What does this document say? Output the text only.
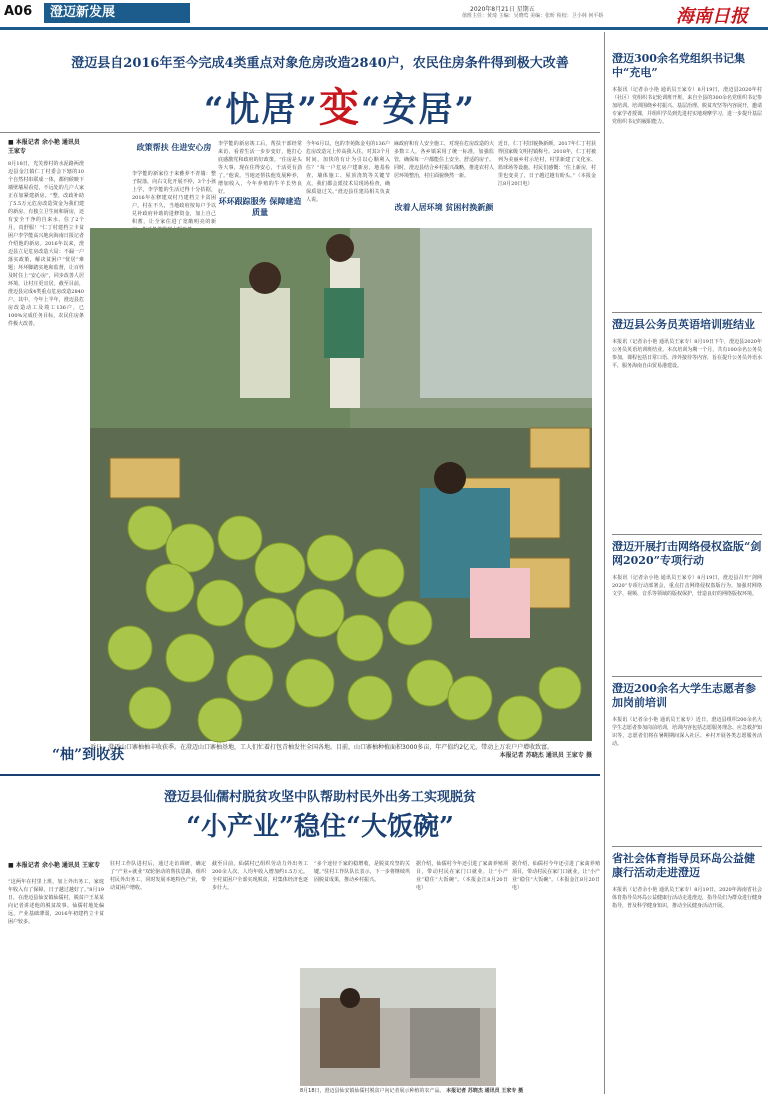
A06	澄迈新发展	2020年8月21日 星期五
值班主任：黄琦 主编：吴晓莺 美编：张昕 检校：卫小林 何平娇	海南日报
澄迈县自2016年至今完成4类重点对象危房改造2840户，农民住房条件得到极大改善
“忧居”变“安居”
■ 本报记者 余小艳 通讯员 王家专
8月18日，光芙蓉村的水泥路两澄迈县金江镇仁丁村委会下辖的10个自然村串联成一体，都伺候映下墙壁墙屋看觉，不远处的几户人家正在加紧建新房。“整，改政补助了5.5万元危房改造资金为我们建的新房，有独立卫生间和厨房，还有安全干净的自来水，住了2个月，真舒服！”仁丁村建档立卡贫困户李学能高兴地向海南日报记者介绍他的新房。2016年以来，澄迈县立足危房改造大局：不漏一户落实政策，解决贫困户“忧居”难题；坏坏脚踏实地和监督，让百姓及时住上“安心房”，同步改善人居环境，让村庄更宜居。截至目前，澄迈县完成4类重点危房改造2840户，其中，今年上半年，澄迈县危房改造动工及竣工136户，已100%完成任务目标，农民住房条件极大改善。
政策帮扶 住进安心房
李学能的新家位于来雅养不青墙：整子院落，向右文化开展不停，3个小孩上学，李学能的生活过得十分拮据，2016年在修建双村乃建档立卡贫困户。村在不久，当地政府按每户予以兑补政府补助的进修资金，加上自己积蓄，让全家住进了宽敞明亮的新
李学能的新房竣工后，帮扶干部经常来访，看着生活一步步变好，他打心底感激党和政府的好政策。“住房是头等大事，现在住得安心，干活更有劲了。”他说。当地还帮扶他发展种养，增加收入，今年养殖的牛羊长势良好。
环环跟踪服务 保障建造质量
今年6月以，包的李苑陈金屯的136户危房改造完上传高我入住。对其3个月时间，加快的有计为引以心顺利入住？“每一户危房户建新房，地基检查、墙体施工、屋顶浇筑等关键节点，我们都会派技术员现场检查，确保质量过关。”澄迈县住建局相关负责人说。
麻政府和有人安全施工，对现在危房改造的大多数工人，各乡镇采用了统一标准，加强监管，确保每一户都能住上安全、舒适的房子。同时，澄迈县结合乡村振兴战略，推进农村人居环境整治，村庄面貌焕然一新。
改着人居环境 贫困村换新颜
近日，仁丁村旧貌换新颜，2017年仁丁村获得国家级文明村镇称号。2018年，仁丁村被列为美丽乡村示范村，村里新建了文化室、篮球场等设施。村民们感慨：“住上新房，村里也变美了，日子越过越有盼头。”（本报金江8月20日电）
“柚”到收获
近日，澄迈山口寨柚柚丰收获季。在澄迈山口寨柚基地，工人们忙着打包青柚发往全国各地。目前，山口寨柚种植面积3000多亩，年产值约2亿元，带动上万农户户增收致富。
本报记者 苏晓杰 通讯员 王家专 摄
澄迈县仙儒村脱贫攻坚中队帮助村民外出务工实现脱贫
“小产业”稳住“大饭碗”
■ 本报记者 余小艳 通讯员 王家专
“这两年在村里上班，加上外出务工，家庭年收入有了保障，日子越过越好了。”8月19日，在澄迈县仙安镇仙儒村，脱贫户王某某向记者讲述他的脱贫故事。仙儒村地处偏远，产业基础薄弱，2016年初建档立卡贫困户较多。
驻村工作队进村后，通过走访调研，确定了“产业+就业”双轮驱动的帮扶思路，组织村民外出务工，同时发展本地特色产业，带动贫困户增收。
截至目前，仙儒村已组织劳动力外出务工200余人次，人均年收入增加约1.5万元。全村贫困户全部实现脱贫，村集体经济也逐步壮大。
“多个途径千家的稳增收，是脱贫攻坚的关键。”驻村工作队队长表示，下一步将继续巩固脱贫成果，推动乡村振兴。
据介绍，仙儒村今年还引进了家禽养殖项目，带动村民在家门口就业，让“小产业”稳住“大饭碗”。（本报金江8月20日电）
据介绍，仙儒村今年还引进了家禽养殖项目，带动村民在家门口就业，让“小产业”稳住“大饭碗”。（本报金江8月20日电）
8月18日，澄迈县仙安镇仙儒村脱贫户向记者展示种植的农产品。 本报记者 苏晓杰 通讯员 王家专 摄
澄迈300余名党组织书记集中“充电”
本报讯（记者余小艳 通讯员王家专）8月19日，澄迈县2020年村（社区）党组织书记轮训班开班，来自全县的300余名党组织书记参加培训。培训围绕乡村振兴、基层治理、脱贫攻坚等内容展开，邀请专家学者授课，并组织学员到先进村实地观摩学习，进一步提升基层党组织书记的履职能力。
澄迈县公务员英语培训班结业
本报讯（记者余小艳 通讯员王家专）8月19日下午，澄迈县2020年公务员英语培训班结业。本次培训为期一个月，共有100余名公务员参加，课程包括日常口语、涉外接待等内容，旨在提升公务员外语水平，服务海南自由贸易港建设。
澄迈开展打击网络侵权盗版“剑网2020”专项行动
本报讯（记者余小艳 通讯员王家专）8月19日，澄迈县召开“剑网2020”专项行动部署会，重点打击网络侵权盗版行为，加强对网络文学、视频、音乐等领域的版权保护，营造良好的网络版权环境。
澄迈200余名大学生志愿者参加岗前培训
本报讯（记者余小艳 通讯员王家专）近日，澄迈县组织200余名大学生志愿者参加岗前培训，培训内容包括志愿服务理念、应急救护知识等，志愿者们将在暑期期间深入社区、乡村开展各类志愿服务活动。
省社会体育指导员环岛公益健康行活动走进澄迈
本报讯（记者余小艳 通讯员王家专）8月19日，2020年海南省社会体育指导员环岛公益健康行活动走进澄迈，指导员们为群众进行健身指导，普及科学健身知识，推动全民健身活动开展。
